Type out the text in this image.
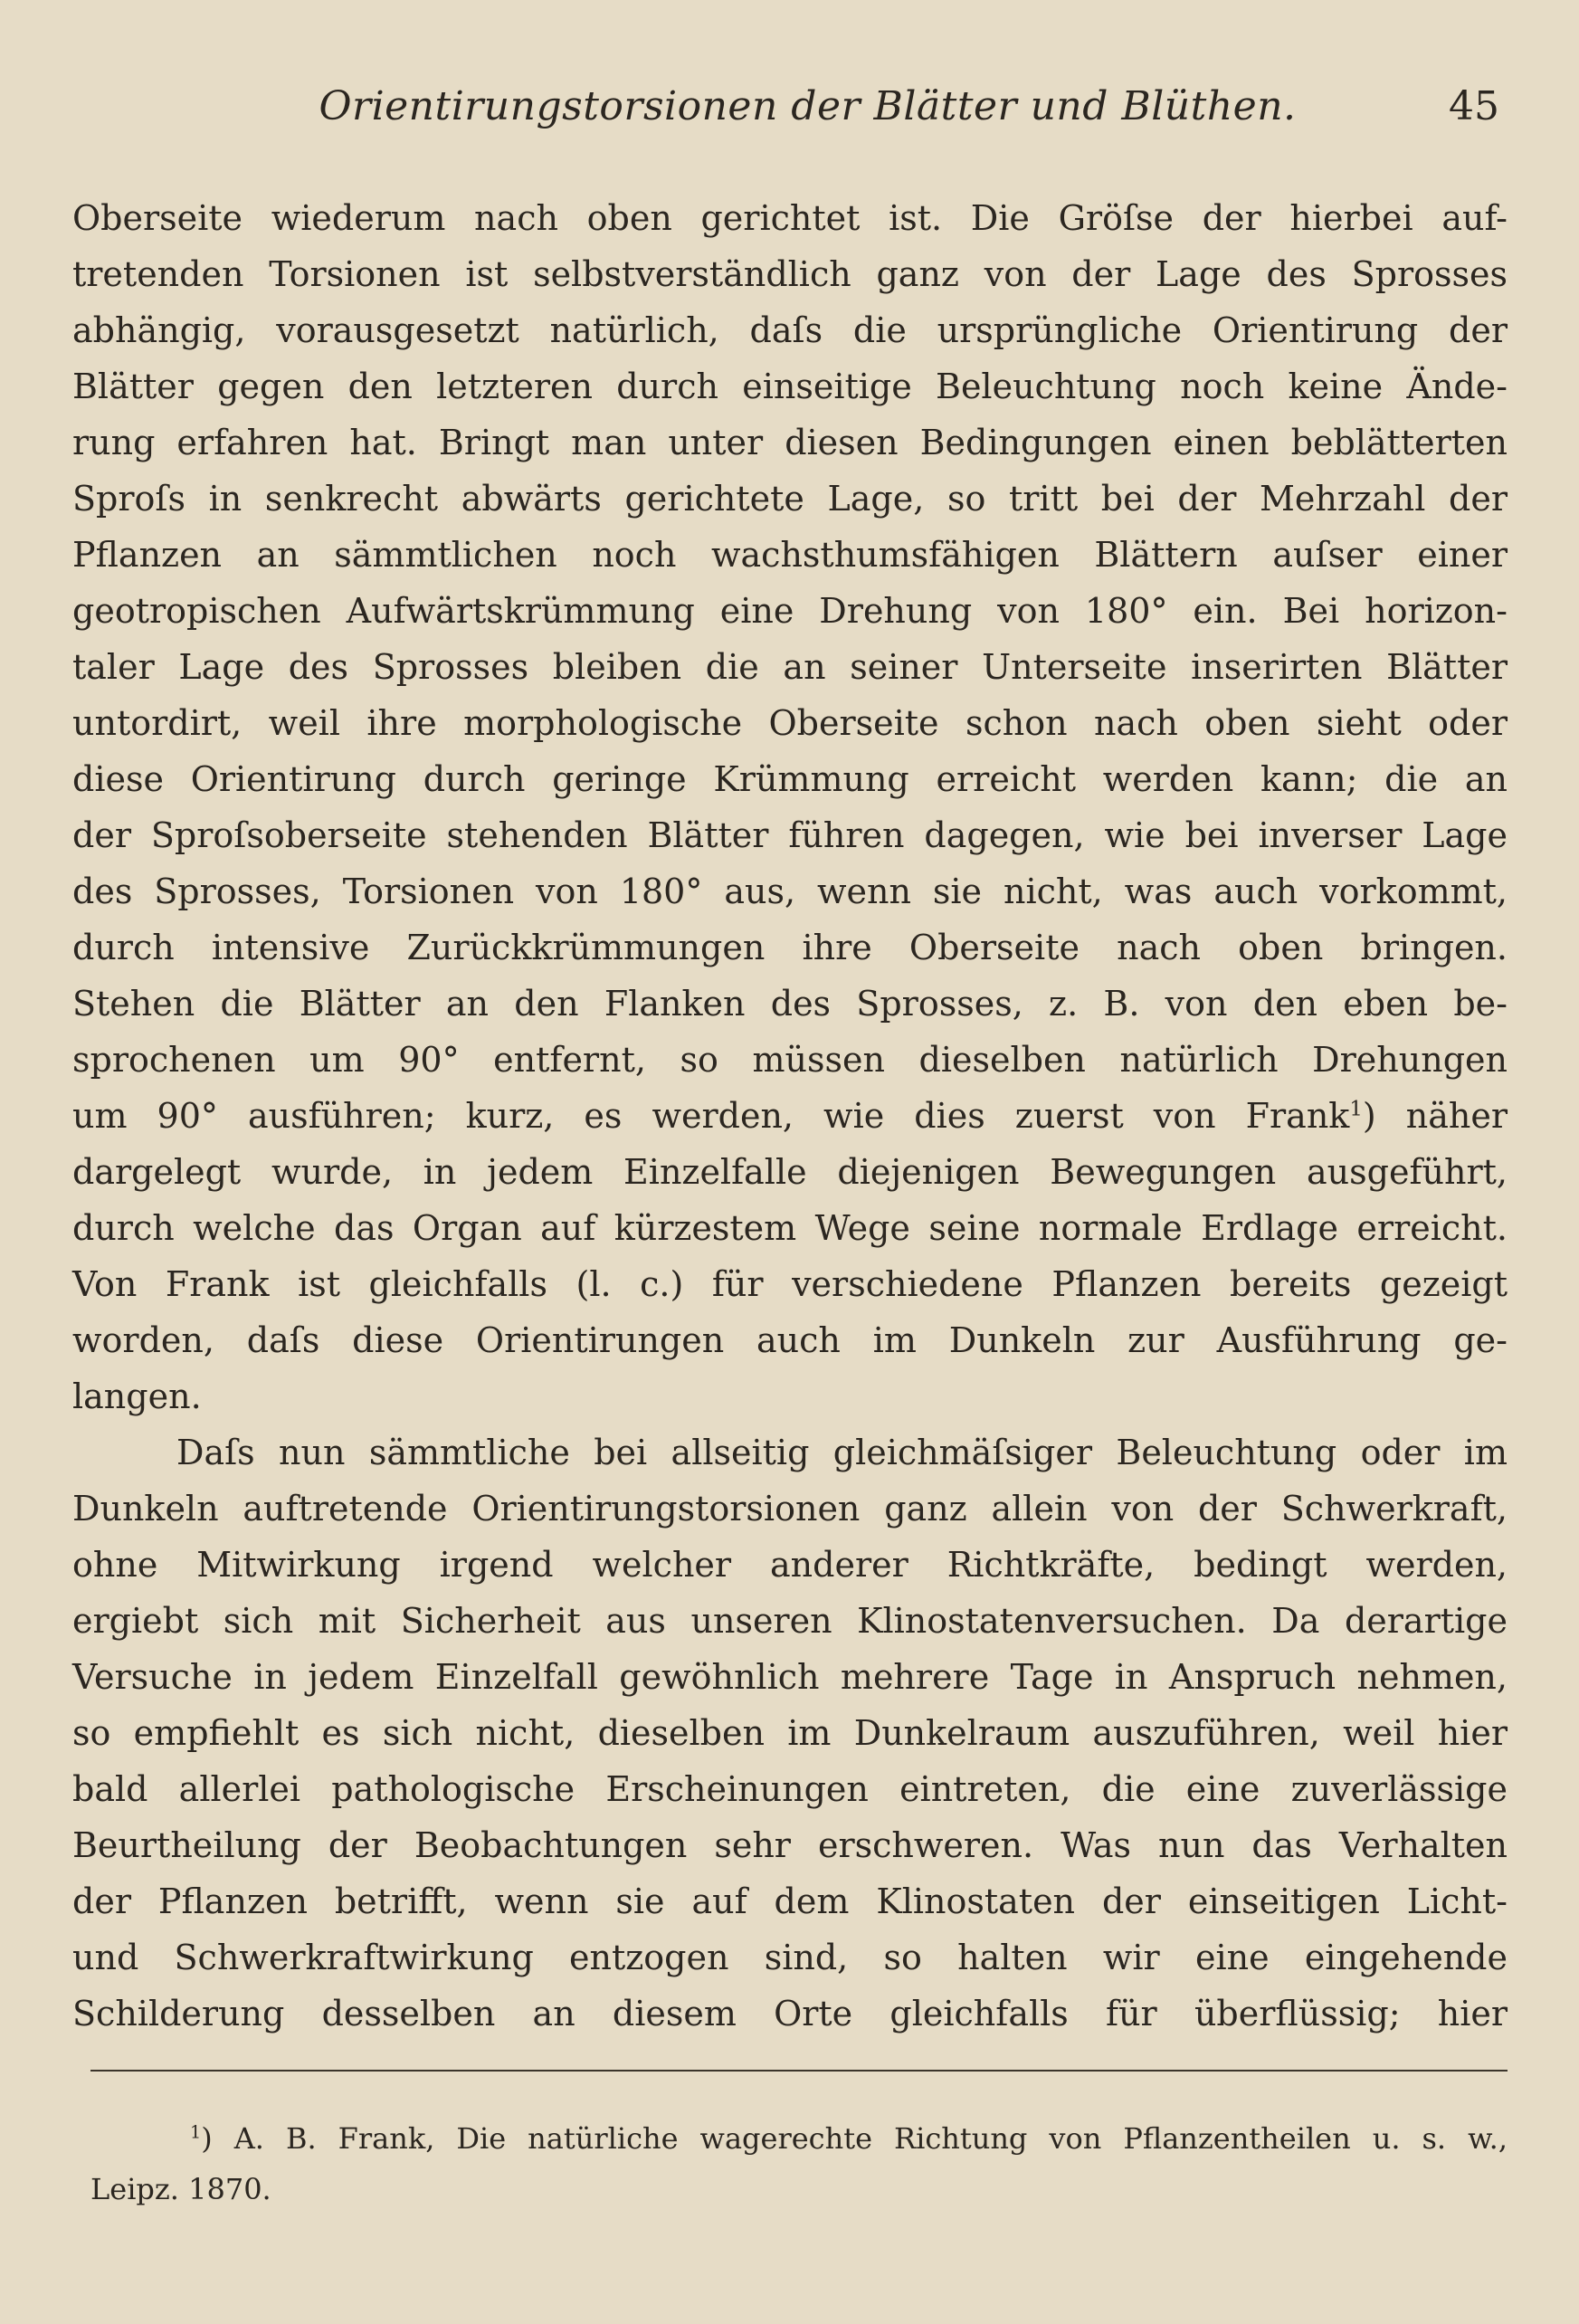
Orientirungstorsionen der Blätter und Blüthen.	45
Oberseite wiederum nach oben gerichtet ist. Die Gröſse der hierbei auf-
tretenden Torsionen ist selbstverständlich ganz von der Lage des Sprosses
abhängig, vorausgesetzt natürlich, daſs die ursprüngliche Orientirung der
Blätter gegen den letzteren durch einseitige Beleuchtung noch keine Ände-
rung erfahren hat. Bringt man unter diesen Bedingungen einen beblätterten
Sproſs in senkrecht abwärts gerichtete Lage, so tritt bei der Mehrzahl der
Pflanzen an sämmtlichen noch wachsthumsfähigen Blättern auſser einer
geotropischen Aufwärtskrümmung eine Drehung von 180° ein. Bei horizon-
taler Lage des Sprosses bleiben die an seiner Unterseite inserirten Blätter
untordirt, weil ihre morphologische Oberseite schon nach oben sieht oder
diese Orientirung durch geringe Krümmung erreicht werden kann; die an
der Sproſsoberseite stehenden Blätter führen dagegen, wie bei inverser Lage
des Sprosses, Torsionen von 180° aus, wenn sie nicht, was auch vorkommt,
durch intensive Zurückkrümmungen ihre Oberseite nach oben bringen.
Stehen die Blätter an den Flanken des Sprosses, z. B. von den eben be-
sprochenen um 90° entfernt, so müssen dieselben natürlich Drehungen
um 90° ausführen; kurz, es werden, wie dies zuerst von Frank$^1$) näher
dargelegt wurde, in jedem Einzelfalle diejenigen Bewegungen ausgeführt,
durch welche das Organ auf kürzestem Wege seine normale Erdlage erreicht.
Von Frank ist gleichfalls (l. c.) für verschiedene Pflanzen bereits gezeigt
worden, daſs diese Orientirungen auch im Dunkeln zur Ausführung ge-
langen.
Daſs nun sämmtliche bei allseitig gleichmäſsiger Beleuchtung oder im
Dunkeln auftretende Orientirungstorsionen ganz allein von der Schwerkraft,
ohne Mitwirkung irgend welcher anderer Richtkräfte, bedingt werden,
ergiebt sich mit Sicherheit aus unseren Klinostatenversuchen. Da derartige
Versuche in jedem Einzelfall gewöhnlich mehrere Tage in Anspruch nehmen,
so empfiehlt es sich nicht, dieselben im Dunkelraum auszuführen, weil hier
bald allerlei pathologische Erscheinungen eintreten, die eine zuverlässige
Beurtheilung der Beobachtungen sehr erschweren. Was nun das Verhalten
der Pflanzen betrifft, wenn sie auf dem Klinostaten der einseitigen Licht-
und Schwerkraftwirkung entzogen sind, so halten wir eine eingehende
Schilderung desselben an diesem Orte gleichfalls für überflüssig; hier
$^1$) A. B. Frank, Die natürliche wagerechte Richtung von Pflanzentheilen u. s. w.,
Leipz. 1870.
